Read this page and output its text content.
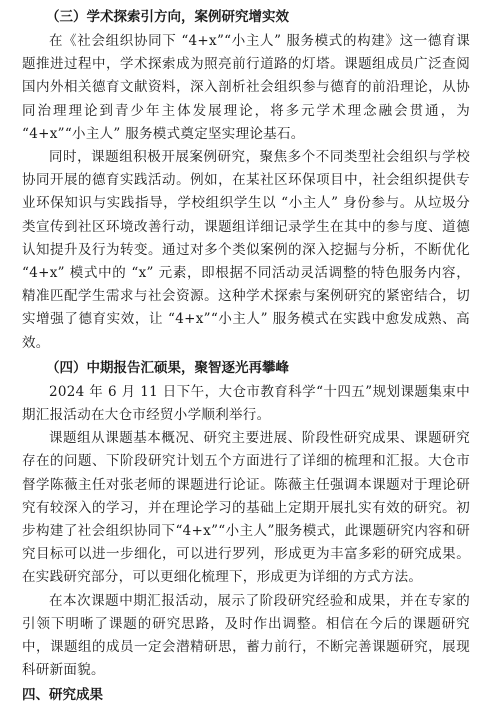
（三）学术探索引方向，案例研究增实效

在《社会组织协同下 “4+x”“小主人” 服务模式的构建》这一德育课题推进过程中，学术探索成为照亮前行道路的灯塔。课题组成员广泛查阅国内外相关德育文献资料，深入剖析社会组织参与德育的前沿理论，从协同治理理论到青少年主体发展理论，将多元学术理念融会贯通，为 “4+x”“小主人” 服务模式奠定坚实理论基石。

同时，课题组积极开展案例研究，聚焦多个不同类型社会组织与学校协同开展的德育实践活动。例如，在某社区环保项目中，社会组织提供专业环保知识与实践指导，学校组织学生以 “小主人” 身份参与。从垃圾分类宣传到社区环境改善行动，课题组详细记录学生在其中的参与度、道德认知提升及行为转变。通过对多个类似案例的深入挖掘与分析，不断优化 “4+x” 模式中的 “x” 元素，即根据不同活动灵活调整的特色服务内容，精准匹配学生需求与社会资源。这种学术探索与案例研究的紧密结合，切实增强了德育实效，让 “4+x”“小主人” 服务模式在实践中愈发成熟、高效。

（四）中期报告汇硕果，聚智逐光再攀峰

2024 年 6 月 11 日下午，大仓市教育科学“十四五”规划课题集束中期汇报活动在大仓市经贸小学顺利举行。

课题组从课题基本概况、研究主要进展、阶段性研究成果、课题研究存在的问题、下阶段研究计划五个方面进行了详细的梳理和汇报。大仓市督学陈薇主任对张老师的课题进行论证。陈薇主任强调本课题对于理论研究有较深入的学习，并在理论学习的基础上定期开展扎实有效的研究。初步构建了社会组织协同下“4+x”“小主人”服务模式，此课题研究内容和研究目标可以进一步细化，可以进行罗列，形成更为丰富多彩的研究成果。在实践研究部分，可以更细化梳理下，形成更为详细的方式方法。

在本次课题中期汇报活动，展示了阶段研究经验和成果，并在专家的引领下明晰了课题的研究思路，及时作出调整。相信在今后的课题研究中，课题组的成员一定会潜精研思，蓄力前行，不断完善课题研究，展现科研新面貌。

四、研究成果
